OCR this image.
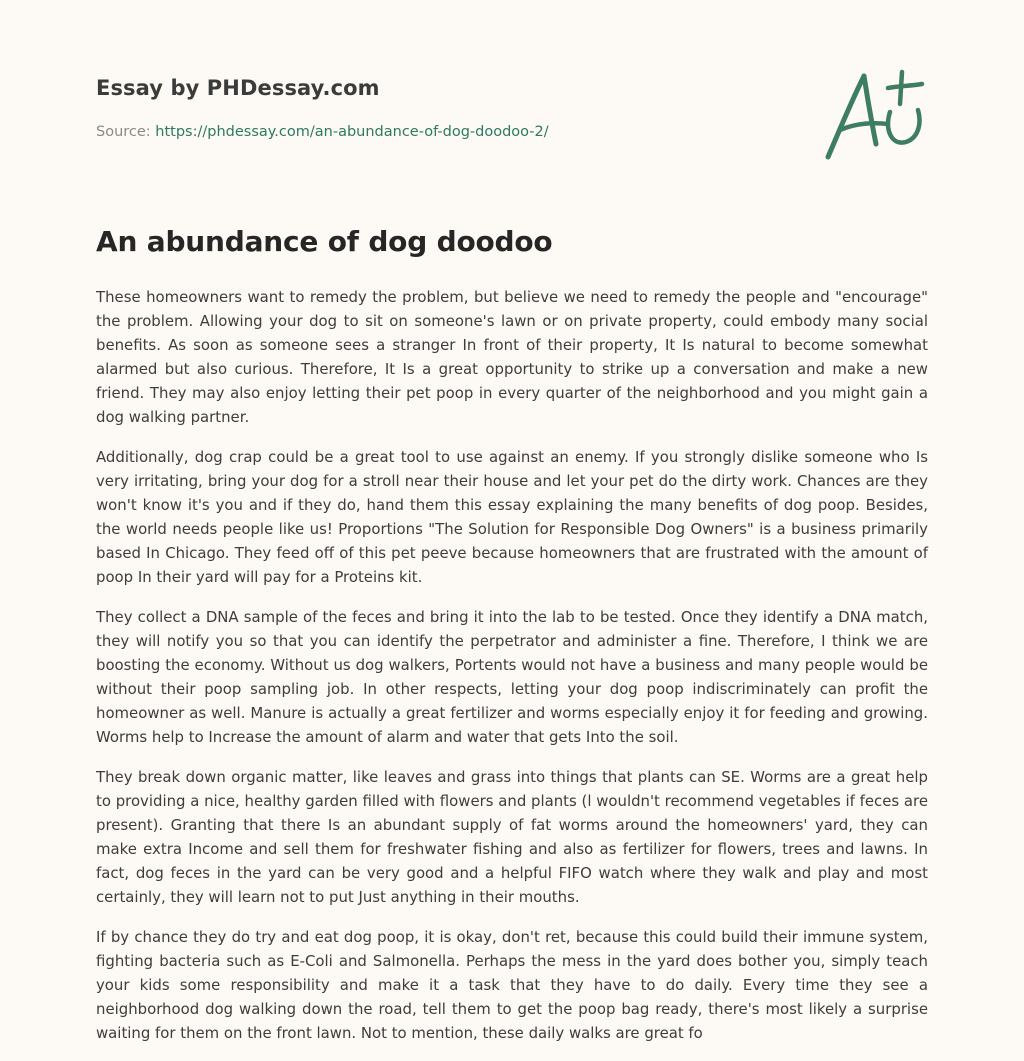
Essay by PHDessay.com

Source: https://phdessay.com/an-abundance-of-dog-doodoo-2/

An abundance of dog doodoo

These homeowners want to remedy the problem, but believe we need to remedy the people and "encourage" the problem. Allowing your dog to sit on someone's lawn or on private property, could embody many social benefits. As soon as someone sees a stranger In front of their property, It Is natural to become somewhat alarmed but also curious. Therefore, It Is a great opportunity to strike up a conversation and make a new friend. They may also enjoy letting their pet poop in every quarter of the neighborhood and you might gain a dog walking partner.

Additionally, dog crap could be a great tool to use against an enemy. If you strongly dislike someone who Is very irritating, bring your dog for a stroll near their house and let your pet do the dirty work. Chances are they won't know it's you and if they do, hand them this essay explaining the many benefits of dog poop. Besides, the world needs people like us! Proportions "The Solution for Responsible Dog Owners" is a business primarily based In Chicago. They feed off of this pet peeve because homeowners that are frustrated with the amount of poop In their yard will pay for a Proteins kit.

They collect a DNA sample of the feces and bring it into the lab to be tested. Once they identify a DNA match, they will notify you so that you can identify the perpetrator and administer a fine. Therefore, I think we are boosting the economy. Without us dog walkers, Portents would not have a business and many people would be without their poop sampling job. In other respects, letting your dog poop indiscriminately can profit the homeowner as well. Manure is actually a great fertilizer and worms especially enjoy it for feeding and growing. Worms help to Increase the amount of alarm and water that gets Into the soil.

They break down organic matter, like leaves and grass into things that plants can SE. Worms are a great help to providing a nice, healthy garden filled with flowers and plants (l wouldn't recommend vegetables if feces are present). Granting that there Is an abundant supply of fat worms around the homeowners' yard, they can make extra Income and sell them for freshwater fishing and also as fertilizer for flowers, trees and lawns. In fact, dog feces in the yard can be very good and a helpful FIFO watch where they walk and play and most certainly, they will learn not to put Just anything in their mouths.

If by chance they do try and eat dog poop, it is okay, don't ret, because this could build their immune system, fighting bacteria such as E-Coli and Salmonella. Perhaps the mess in the yard does bother you, simply teach your kids some responsibility and make it a task that they have to do daily. Every time they see a neighborhood dog walking down the road, tell them to get the poop bag ready, there's most likely a surprise waiting for them on the front lawn. Not to mention, these daily walks are great fo
